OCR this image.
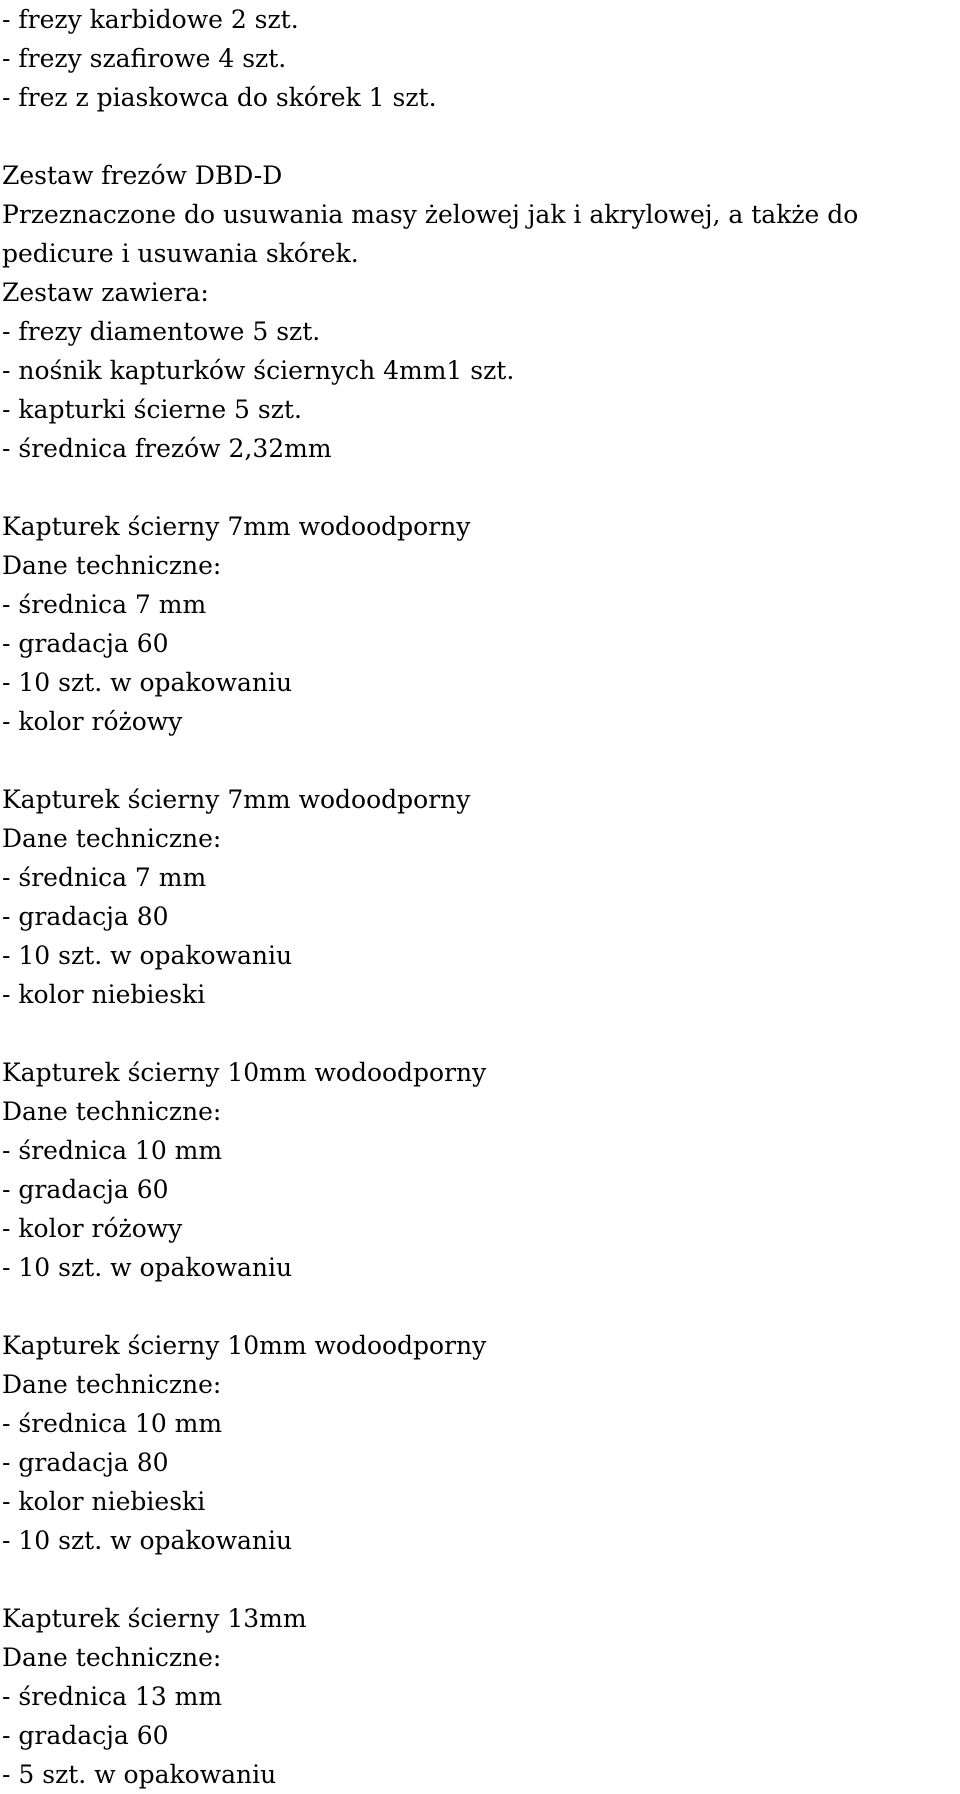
- frezy karbidowe 2 szt.
- frezy szafirowe 4 szt.
- frez z piaskowca do skórek 1 szt.
Zestaw frezów DBD-D
Przeznaczone do usuwania masy żelowej jak i akrylowej, a także do pedicure i usuwania skórek.
Zestaw zawiera:
- frezy diamentowe 5 szt.
- nośnik kapturków ściernych 4mm1 szt.
- kapturki ścierne 5 szt.
- średnica frezów 2,32mm
Kapturek ścierny 7mm wodoodporny
Dane techniczne:
- średnica 7 mm
- gradacja 60
- 10 szt. w opakowaniu
- kolor różowy
Kapturek ścierny 7mm wodoodporny
Dane techniczne:
- średnica 7 mm
- gradacja 80
- 10 szt. w opakowaniu
- kolor niebieski
Kapturek ścierny 10mm wodoodporny
Dane techniczne:
- średnica 10 mm
- gradacja 60
- kolor różowy
- 10 szt. w opakowaniu
Kapturek ścierny 10mm wodoodporny
Dane techniczne:
- średnica 10 mm
- gradacja 80
- kolor niebieski
- 10 szt. w opakowaniu
Kapturek ścierny 13mm
Dane techniczne:
- średnica 13 mm
- gradacja 60
- 5 szt. w opakowaniu
